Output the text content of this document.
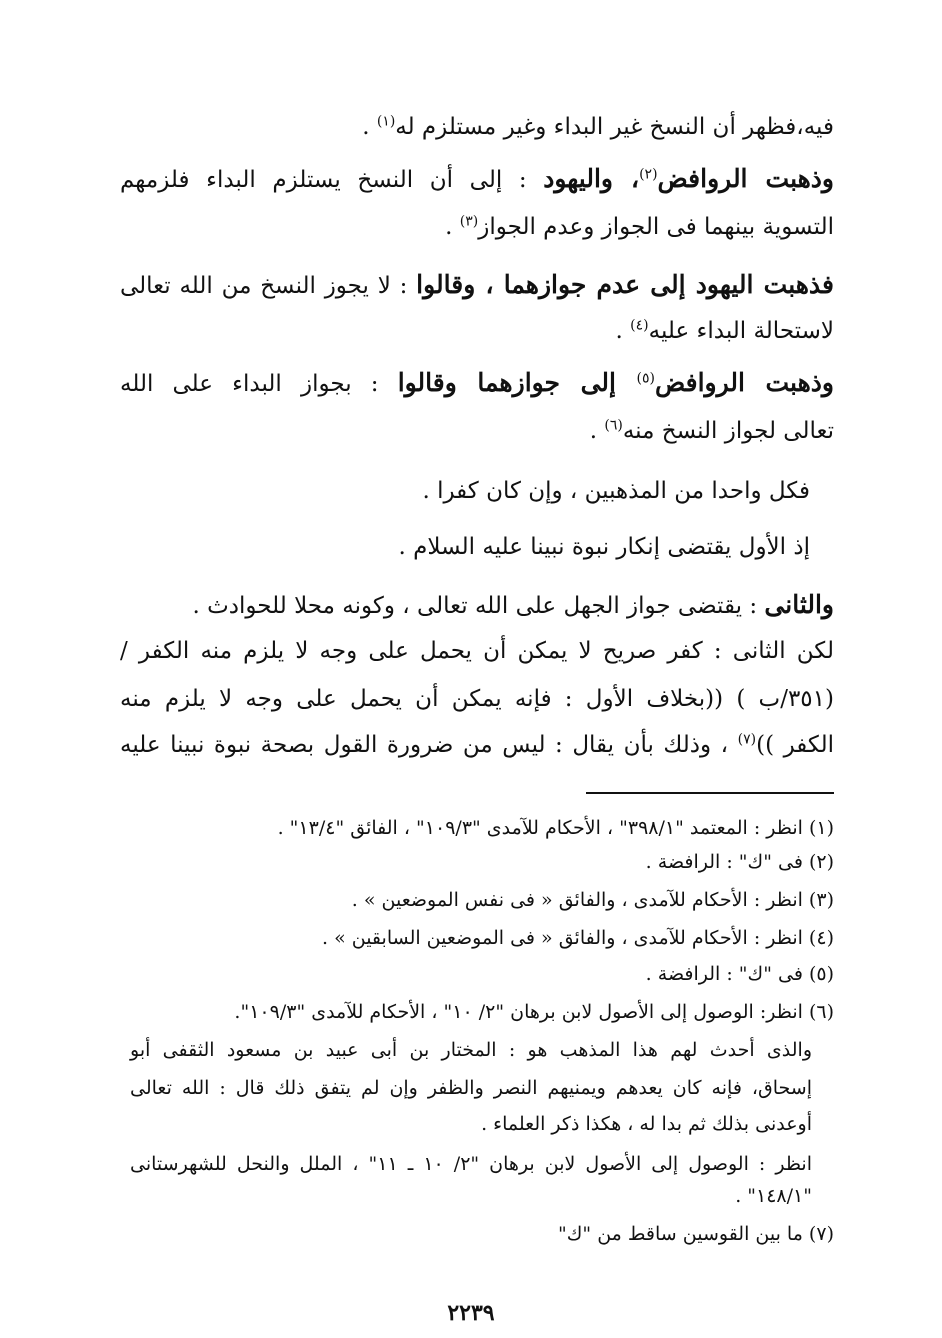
فيه،فظهر أن النسخ غير البداء وغير مستلزم له$^{(١)}$ .
وذهبت الروافض$^{(٢)}$، واليهود : إلى أن النسخ يستلزم البداء فلزمهم
التسوية بينهما فى الجواز وعدم الجواز$^{(٣)}$ .
فذهبت اليهود إلى عدم جوازهما ، وقالوا : لا يجوز النسخ من الله تعالى
لاستحالة البداء عليه$^{(٤)}$ .
وذهبت الروافض$^{(٥)}$ إلى جوازهما وقالوا : بجواز البداء على الله
تعالى لجواز النسخ منه$^{(٦)}$ .
فكل واحدا من المذهبين ، وإن كان كفرا .
إذ الأول يقتضى إنكار نبوة نبينا عليه السلام .
والثانى : يقتضى جواز الجهل على الله تعالى ، وكونه محلا للحوادث .
لكن الثانى : كفر صريح لا يمكن أن يحمل على وجه لا يلزم منه الكفر /
(٣٥١/ب ) ((بخلاف الأول : فإنه يمكن أن يحمل على وجه لا يلزم منه
الكفر ))$^{(٧)}$ ، وذلك بأن يقال : ليس من ضرورة القول بصحة نبوة نبينا عليه
(١) انظر : المعتمد "٣٩٨/١" ، الأحكام للآمدى "١٠٩/٣" ، الفائق "١٣/٤" .
(٢) فى "ك" : الرافضة .
(٣) انظر : الأحكام للآمدى ، والفائق « فى نفس الموضعين » .
(٤) انظر : الأحكام للآمدى ، والفائق « فى الموضعين السابقين » .
(٥) فى "ك" : الرافضة .
(٦) انظر: الوصول إلى الأصول لابن برهان "٢/ ١٠" ، الأحكام للآمدى "١٠٩/٣".
والذى أحدث لهم هذا المذهب هو : المختار بن أبى عبيد بن مسعود الثقفى أبو
إسحاق، فإنه كان يعدهم ويمنيهم النصر والظفر وإن لم يتفق ذلك قال : الله تعالى
أوعدنى بذلك ثم بدا له ، هكذا ذكر العلماء .
انظر : الوصول إلى الأصول لابن برهان "٢/ ١٠ ـ ١١" ، الملل والنحل للشهرستانى
"١٤٨/١" .
(٧) ما بين القوسين ساقط من "ك"
٢٢٣٩
